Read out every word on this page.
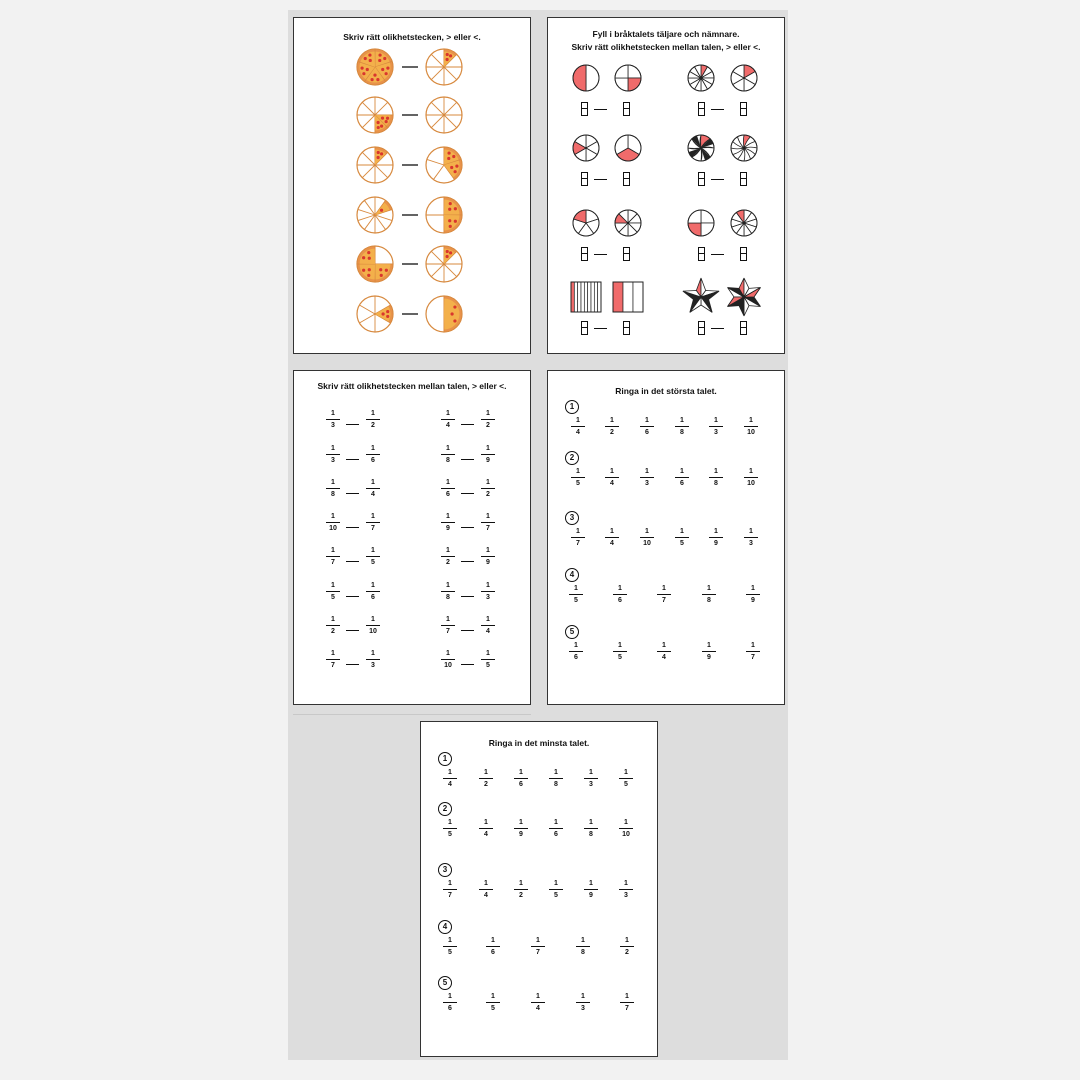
Skriv rätt olikhetstecken, > eller <.	Fyll i bråktalets täljare och nämnare.
Skriv rätt olikhetstecken mellan talen, > eller <.
Skriv rätt olikhetstecken mellan talen, > eller <.
1
3
1
2
1
3
1
6
1
8
1
4
1
10
1
7
1
7
1
5
1
5
1
6
1
2
1
10
1
7
1
3
1
4
1
2
1
8
1
9
1
6
1
2
1
9
1
7
1
2
1
9
1
8
1
3
1
7
1
4
1
10
1
5
Ringa in det största talet.
1
1
4
1
2
1
6
1
8
1
3
1
10
2
1
5
1
4
1
3
1
6
1
8
1
10
3
1
7
1
4
1
10
1
5
1
9
1
3
4
1
5
1
6
1
7
1
8
1
9
5
1
6
1
5
1
4
1
9
1
7
Ringa in det minsta talet.
1
1
4
1
2
1
6
1
8
1
3
1
5
2
1
5
1
4
1
9
1
6
1
8
1
10
3
1
7
1
4
1
2
1
5
1
9
1
3
4
1
5
1
6
1
7
1
8
1
2
5
1
6
1
5
1
4
1
3
1
7
